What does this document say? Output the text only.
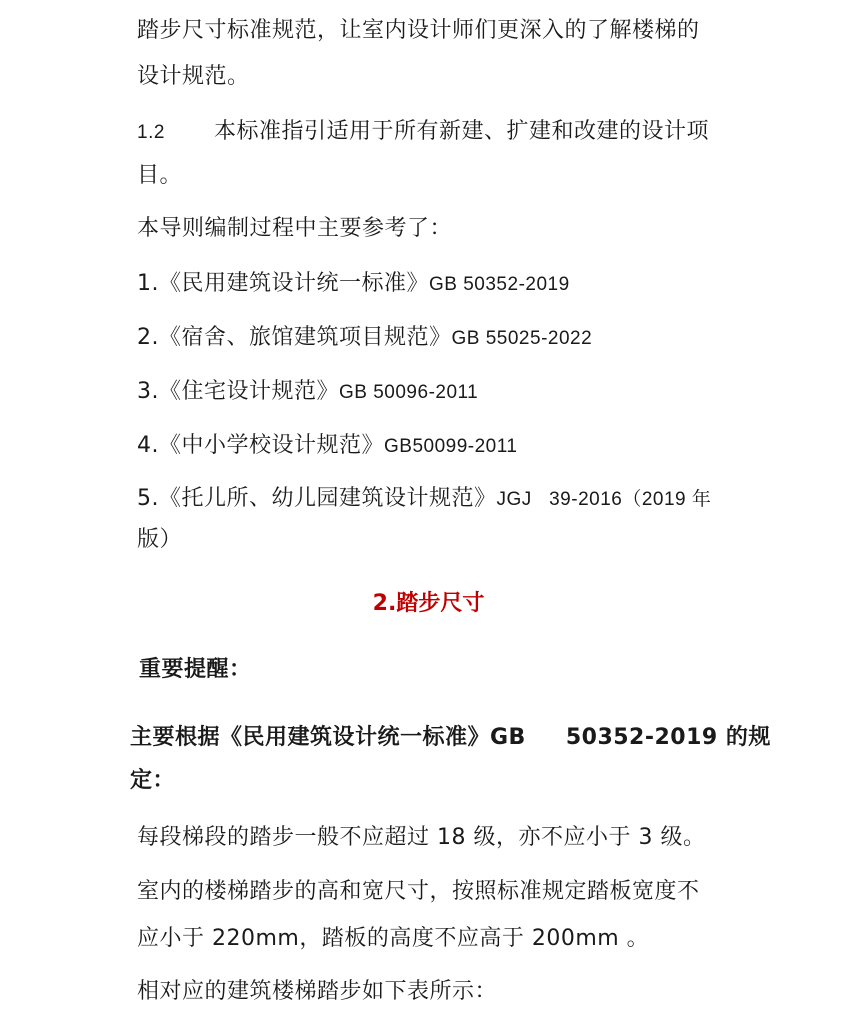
踏步尺寸标准规范，让室内设计师们更深入的了解楼梯的
设计规范。
1.2 本标准指引适用于所有新建、扩建和改建的设计项
目。
本导则编制过程中主要参考了：
1.《民用建筑设计统一标准》GB 50352-2019
2.《宿舍、旅馆建筑项目规范》GB 55025-2022
3.《住宅设计规范》GB 50096-2011
4.《中小学校设计规范》GB50099-2011
5.《托儿所、幼儿园建筑设计规范》JGJ   39-2016（2019 年
版）
2.踏步尺寸
重要提醒：
主要根据《民用建筑设计统一标准》GB 50352-2019 的规
定：
每段梯段的踏步一般不应超过 18 级，亦不应小于 3 级。
室内的楼梯踏步的高和宽尺寸，按照标准规定踏板宽度不
应小于 220mm，踏板的高度不应高于 200mm 。
相对应的建筑楼梯踏步如下表所示：
